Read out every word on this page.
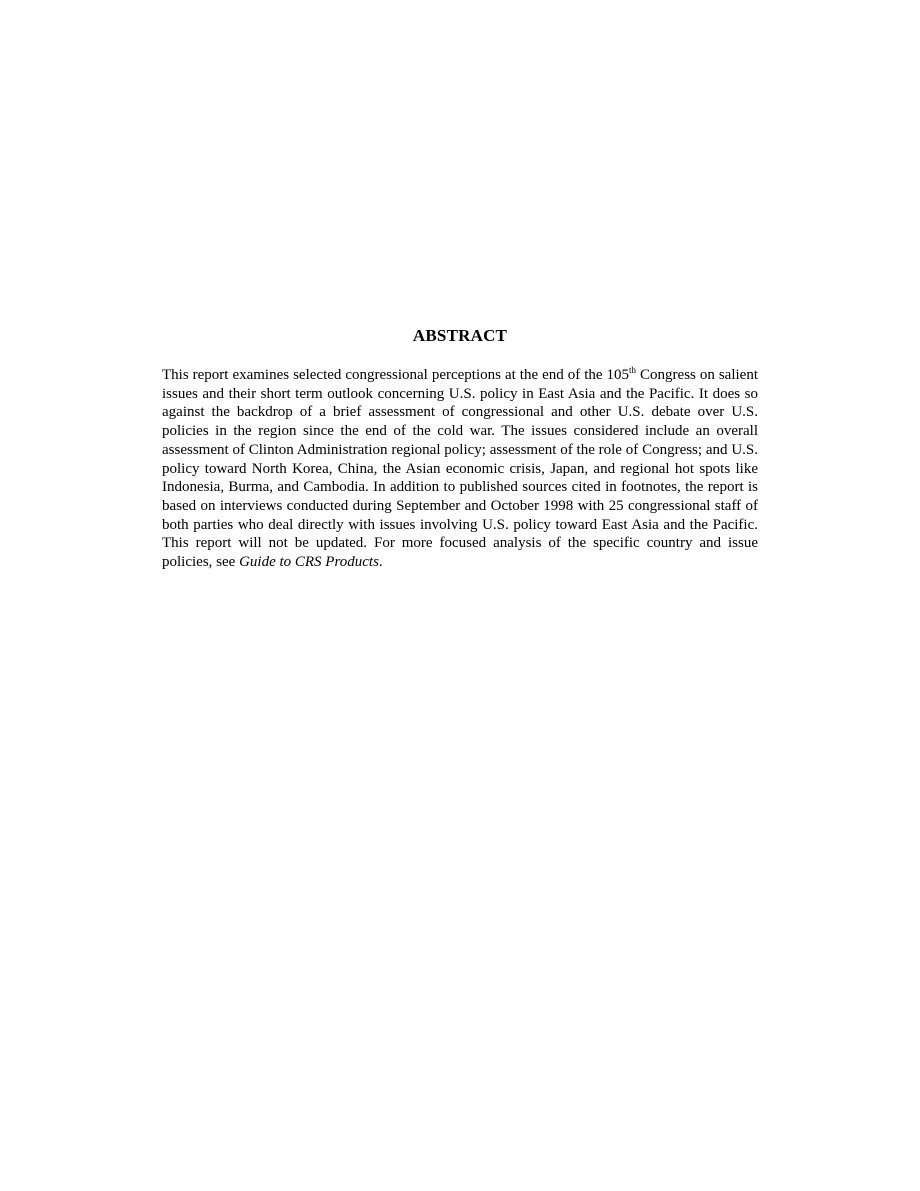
ABSTRACT

This report examines selected congressional perceptions at the end of the 105th Congress on salient issues and their short term outlook concerning U.S. policy in East Asia and the Pacific. It does so against the backdrop of a brief assessment of congressional and other U.S. debate over U.S. policies in the region since the end of the cold war. The issues considered include an overall assessment of Clinton Administration regional policy; assessment of the role of Congress; and U.S. policy toward North Korea, China, the Asian economic crisis, Japan, and regional hot spots like Indonesia, Burma, and Cambodia. In addition to published sources cited in footnotes, the report is based on interviews conducted during September and October 1998 with 25 congressional staff of both parties who deal directly with issues involving U.S. policy toward East Asia and the Pacific. This report will not be updated. For more focused analysis of the specific country and issue policies, see Guide to CRS Products.
